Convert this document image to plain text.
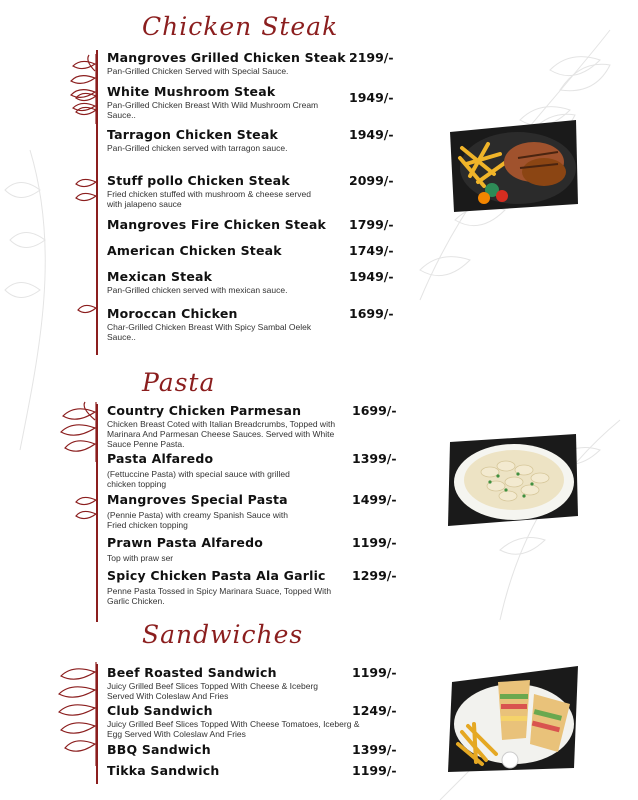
Chicken Steak
Mangroves Grilled Chicken Steak
Pan-Grilled Chicken Served with Special Sauce.
2199/-
White Mushroom Steak
Pan-Grilled Chicken Breast With Wild Mushroom Cream Sauce..
1949/-
Tarragon Chicken Steak
Pan-Grilled chicken served with tarragon sauce.
1949/-
Stuff pollo Chicken Steak
Fried chicken stuffed with mushroom & cheese served with jalapeno sauce
2099/-
Mangroves Fire Chicken Steak	1799/-
American Chicken Steak	1749/-
Mexican Steak
Pan-Grilled chicken served with mexican sauce.
1949/-
Moroccan Chicken
Char-Grilled Chicken Breast With Spicy Sambal Oelek Sauce..
1699/-
Pasta
Country Chicken Parmesan
Chicken Breast Coted with Italian Breadcrumbs, Topped with Marinara And Parmesan Cheese Sauces. Served with White Sauce Penne Pasta.
1699/-
Pasta Alfaredo
(Fettuccine Pasta) with special sauce with grilled chicken topping
1399/-
Mangroves Special Pasta
(Pennie Pasta) with creamy Spanish Sauce with Fried chicken topping
1499/-
Prawn Pasta Alfaredo
Top with praw ser
1199/-
Spicy Chicken Pasta Ala Garlic
Penne Pasta Tossed in Spicy Marinara Suace, Topped With Garlic Chicken.
1299/-
Sandwiches
Beef Roasted Sandwich
Juicy Grilled Beef Slices Topped With Cheese & Iceberg Served With Coleslaw And Fries
1199/-
Club Sandwich
Juicy Grilled Beef Slices Topped With Cheese Tomatoes, Iceberg & Egg Served With Coleslaw And Fries
1249/-
BBQ Sandwich	1399/-
Tikka Sandwich	1199/-
